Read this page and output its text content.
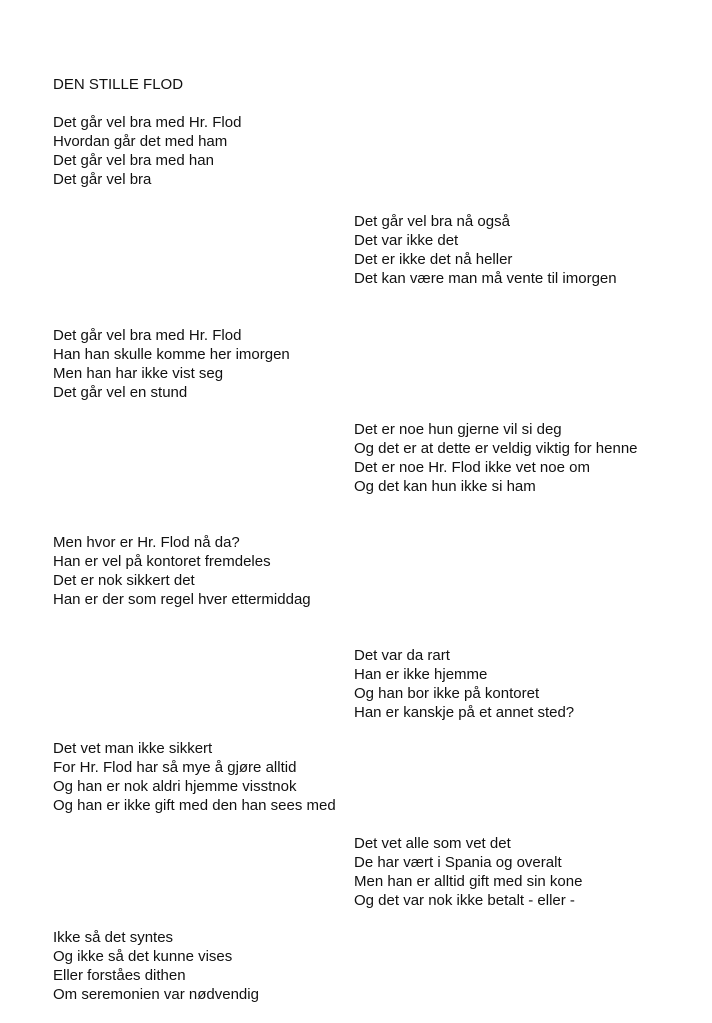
DEN STILLE FLOD
Det går vel bra med Hr. Flod
Hvordan går det med ham
Det går vel bra med han
Det går vel bra
Det går vel bra nå også
Det var ikke det
Det er ikke det nå heller
Det kan være man må vente til imorgen
Det går vel bra med Hr. Flod
Han han skulle komme her imorgen
Men han har ikke vist seg
Det går vel en stund
Det er noe hun gjerne vil si deg
Og det er at dette er veldig viktig for henne
Det er noe Hr. Flod ikke vet noe om
Og det kan hun ikke si ham
Men hvor er Hr. Flod nå da?
Han er vel på kontoret fremdeles
Det er nok sikkert det
Han er der som regel hver ettermiddag
Det var da rart
Han er ikke hjemme
Og han bor ikke på kontoret
Han er kanskje på et annet sted?
Det vet man ikke sikkert
For Hr. Flod har så mye å gjøre alltid
Og han er nok aldri hjemme visstnok
Og han er ikke gift med den han sees med
Det vet alle som vet det
De har vært i Spania og overalt
Men han er alltid gift med sin kone
Og det var nok ikke betalt - eller -
Ikke så det syntes
Og ikke så det kunne vises
Eller forståes dithen
Om seremonien var nødvendig
